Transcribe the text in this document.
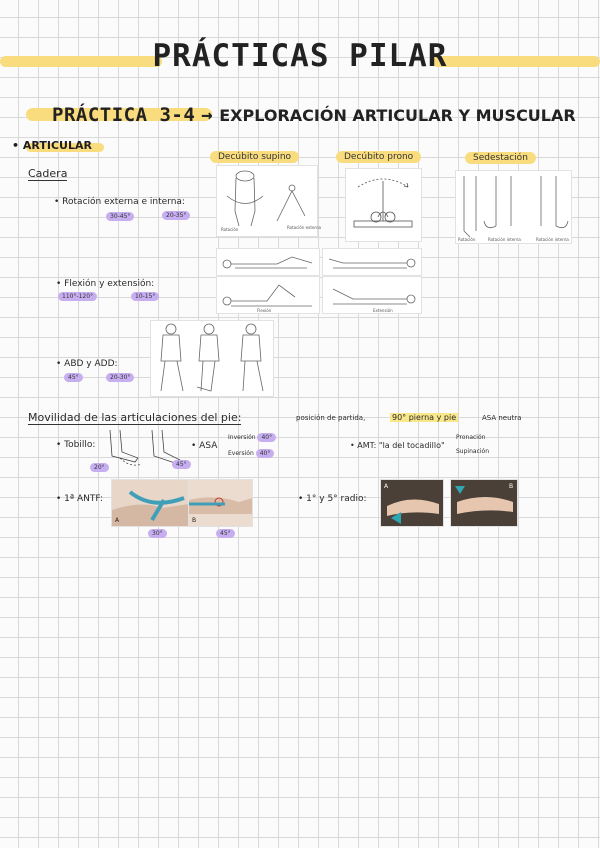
PRÁCTICAS PILAR
PRÁCTICA 3-4 → EXPLORACIÓN ARTICULAR Y MUSCULAR
• ARTICULAR
Decúbito supino	Decúbito prono	Sedestación
Cadera
• Rotación externa e interna:
30-45°	20-35°
• Flexión y extensión:
110°-120°	10-15°
• ABD y ADD:
45°	20-30°
Rotación	Rotación externa
Rotación	Rotación interna	Rotación interna
Flexión	Extensión
Movilidad de las articulaciones del pie:	posición de partida,	90° pierna y pie	ASA neutra
• Tobillo:
20°	45°
• ASA
Inversión 40°
Eversión 40°
• AMT: "la del tocadillo"
Pronación
Supinación
• 1ª ANTF:
A	B
30°	45°
• 1° y 5° radio:
A	B
